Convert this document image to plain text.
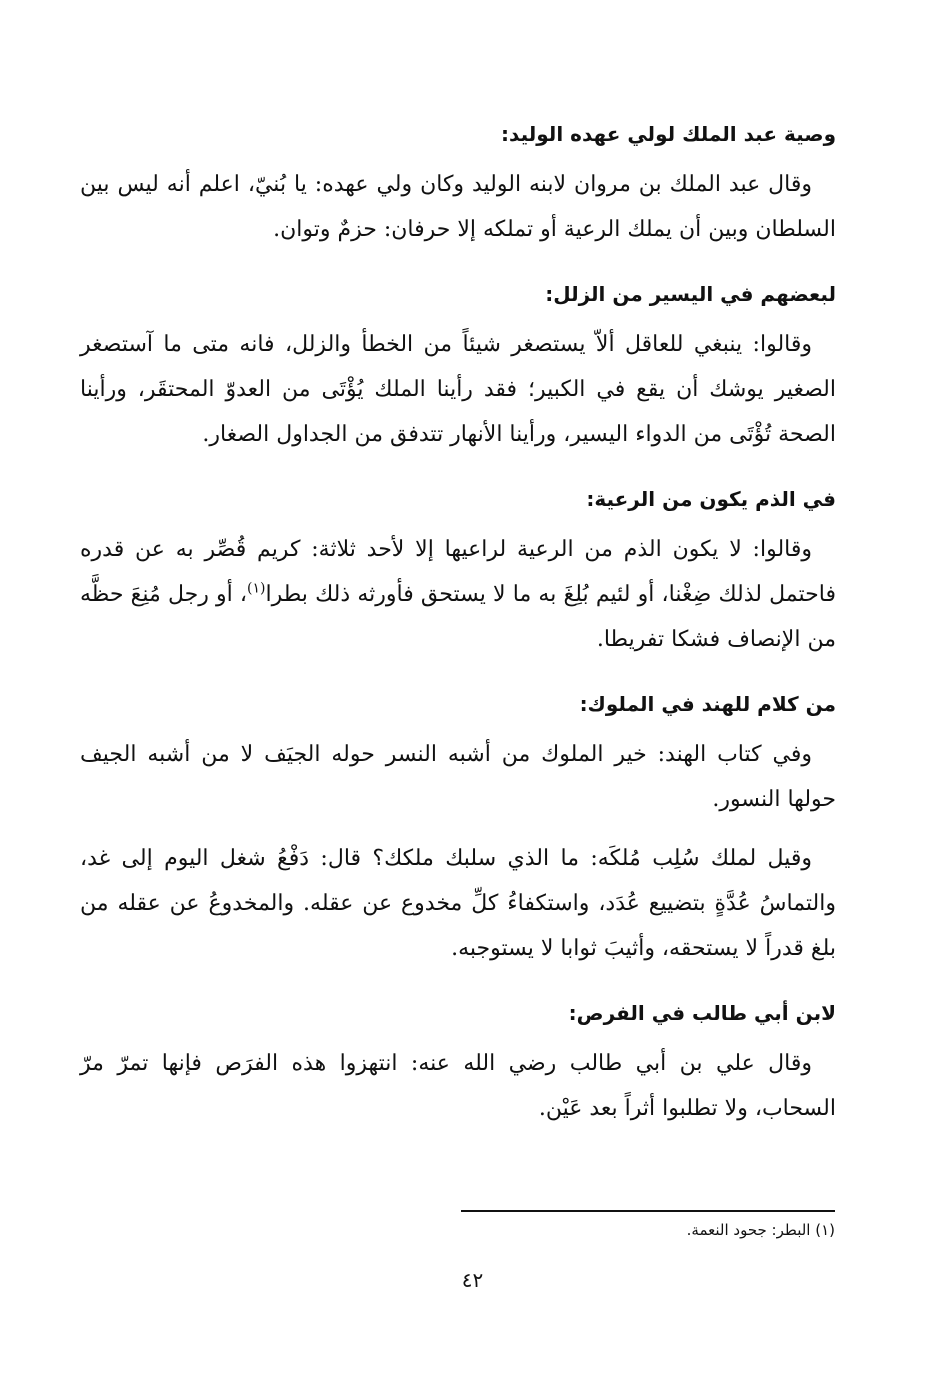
وصية عبد الملك لولي عهده الوليد:

وقال عبد الملك بن مروان لابنه الوليد وكان ولي عهده: يا بُنيّ، اعلم أنه ليس بين السلطان وبين أن يملك الرعية أو تملكه إلا حرفان: حزمٌ وتوان.

لبعضهم في اليسير من الزلل:

وقالوا: ينبغي للعاقل ألاّ يستصغر شيئاً من الخطأ والزلل، فانه متى ما آستصغر الصغير يوشك أن يقع في الكبير؛ فقد رأينا الملك يُؤْتَى من العدوّ المحتقَر، ورأينا الصحة تُؤْتَى من الدواء اليسير، ورأينا الأنهار تتدفق من الجداول الصغار.

في الذم يكون من الرعية:

وقالوا: لا يكون الذم من الرعية لراعيها إلا لأحد ثلاثة: كريم قُصِّر به عن قدره فاحتمل لذلك ضِغْنا، أو لئيم بُلِغَ به ما لا يستحق فأورثه ذلك بطرا$^{(١)}$، أو رجل مُنِعَ حظَّه من الإنصاف فشكا تفريطا.

من كلام للهند في الملوك:

وفي كتاب الهند: خير الملوك من أشبه النسر حوله الجيَف لا من أشبه الجيف حولها النسور.

وقيل لملك سُلِب مُلكَه: ما الذي سلبك ملكك؟ قال: دَفْعُ شغل اليوم إلى غد، والتماسُ عُدَّةٍ بتضييع عُدَد، واستكفاءُ كلِّ مخدوع عن عقله. والمخدوعُ عن عقله من بلغ قدراً لا يستحقه، وأثيبَ ثوابا لا يستوجبه.

لابن أبي طالب في الفرص:

وقال علي بن أبي طالب رضي الله عنه: انتهزوا هذه الفرَص فإنها تمرّ مرّ السحاب، ولا تطلبوا أثراً بعد عَيْن.

(١) البطر: جحود النعمة.
٤٢
